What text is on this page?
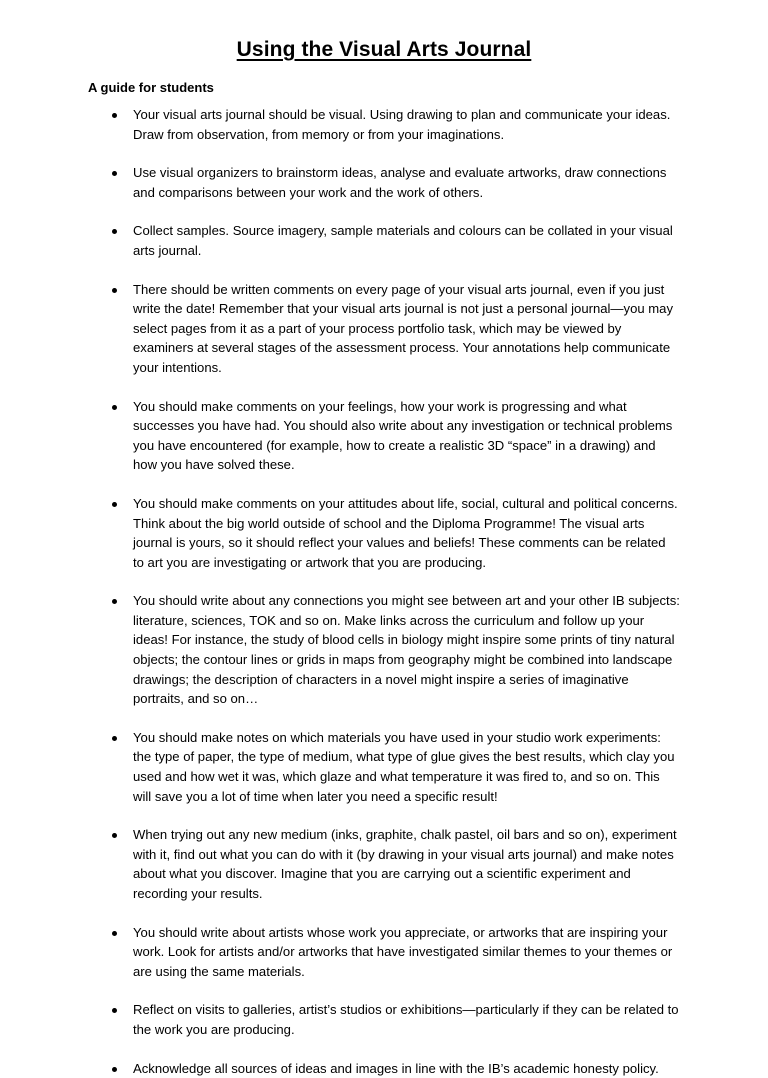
Using the Visual Arts Journal
A guide for students
Your visual arts journal should be visual. Using drawing to plan and communicate your ideas. Draw from observation, from memory or from your imaginations.
Use visual organizers to brainstorm ideas, analyse and evaluate artworks, draw connections and comparisons between your work and the work of others.
Collect samples. Source imagery, sample materials and colours can be collated in your visual arts journal.
There should be written comments on every page of your visual arts journal, even if you just write the date! Remember that your visual arts journal is not just a personal journal—you may select pages from it as a part of your process portfolio task, which may be viewed by examiners at several stages of the assessment process. Your annotations help communicate your intentions.
You should make comments on your feelings, how your work is progressing and what successes you have had. You should also write about any investigation or technical problems you have encountered (for example, how to create a realistic 3D “space” in a drawing) and how you have solved these.
You should make comments on your attitudes about life, social, cultural and political concerns. Think about the big world outside of school and the Diploma Programme! The visual arts journal is yours, so it should reflect your values and beliefs! These comments can be related to art you are investigating or artwork that you are producing.
You should write about any connections you might see between art and your other IB subjects: literature, sciences, TOK and so on. Make links across the curriculum and follow up your ideas! For instance, the study of blood cells in biology might inspire some prints of tiny natural objects; the contour lines or grids in maps from geography might be combined into landscape drawings; the description of characters in a novel might inspire a series of imaginative portraits, and so on…
You should make notes on which materials you have used in your studio work experiments: the type of paper, the type of medium, what type of glue gives the best results, which clay you used and how wet it was, which glaze and what temperature it was fired to, and so on. This will save you a lot of time when later you need a specific result!
When trying out any new medium (inks, graphite, chalk pastel, oil bars and so on), experiment with it, find out what you can do with it (by drawing in your visual arts journal) and make notes about what you discover. Imagine that you are carrying out a scientific experiment and recording your results.
You should write about artists whose work you appreciate, or artworks that are inspiring your work. Look for artists and/or artworks that have investigated similar themes to your themes or are using the same materials.
Reflect on visits to galleries, artist’s studios or exhibitions—particularly if they can be related to the work you are producing.
Acknowledge all sources of ideas and images in line with the IB’s academic honesty policy.
